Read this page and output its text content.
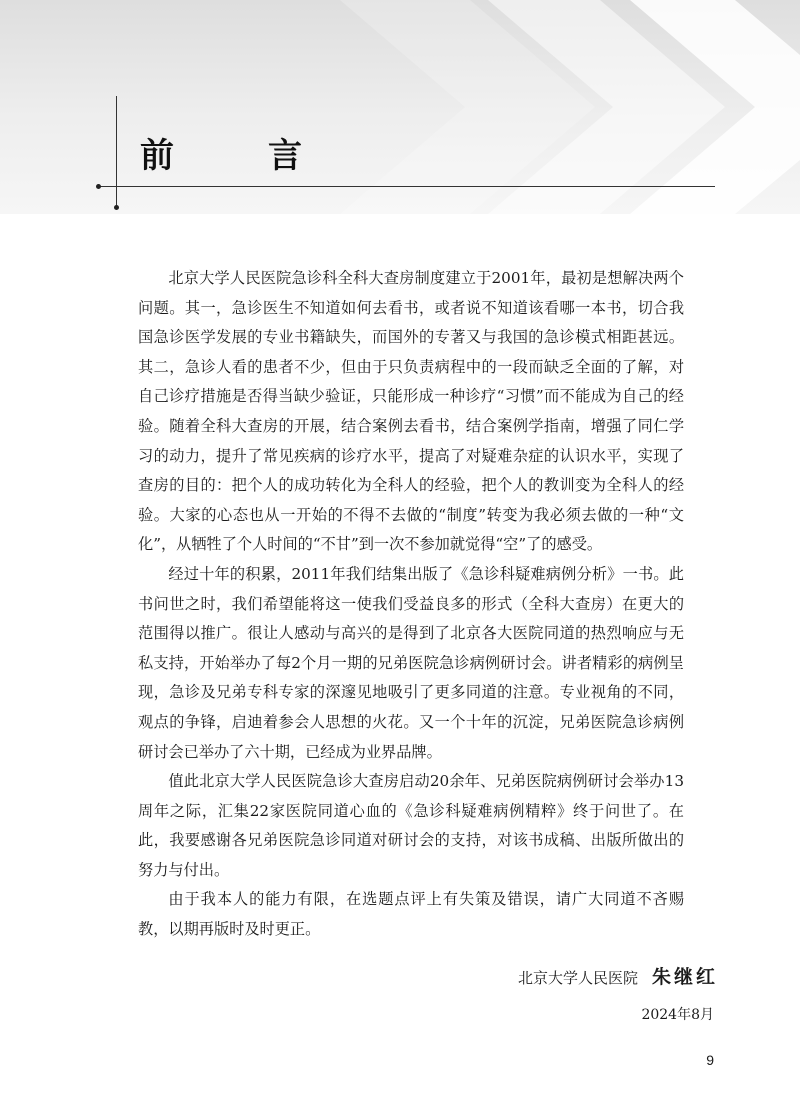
前　言

北京大学人民医院急诊科全科大查房制度建立于2001年，最初是想解决两个问题。其一，急诊医生不知道如何去看书，或者说不知道该看哪一本书，切合我国急诊医学发展的专业书籍缺失，而国外的专著又与我国的急诊模式相距甚远。其二，急诊人看的患者不少，但由于只负责病程中的一段而缺乏全面的了解，对自己诊疗措施是否得当缺少验证，只能形成一种诊疗“习惯”而不能成为自己的经验。随着全科大查房的开展，结合案例去看书，结合案例学指南，增强了同仁学习的动力，提升了常见疾病的诊疗水平，提高了对疑难杂症的认识水平，实现了查房的目的：把个人的成功转化为全科人的经验，把个人的教训变为全科人的经验。大家的心态也从一开始的不得不去做的“制度”转变为我必须去做的一种“文化”，从牺牲了个人时间的“不甘”到一次不参加就觉得“空”了的感受。

经过十年的积累，2011年我们结集出版了《急诊科疑难病例分析》一书。此书问世之时，我们希望能将这一使我们受益良多的形式（全科大查房）在更大的范围得以推广。很让人感动与高兴的是得到了北京各大医院同道的热烈响应与无私支持，开始举办了每2个月一期的兄弟医院急诊病例研讨会。讲者精彩的病例呈现，急诊及兄弟专科专家的深邃见地吸引了更多同道的注意。专业视角的不同，观点的争锋，启迪着参会人思想的火花。又一个十年的沉淀，兄弟医院急诊病例研讨会已举办了六十期，已经成为业界品牌。

值此北京大学人民医院急诊大查房启动20余年、兄弟医院病例研讨会举办13周年之际，汇集22家医院同道心血的《急诊科疑难病例精粹》终于问世了。在此，我要感谢各兄弟医院急诊同道对研讨会的支持，对该书成稿、出版所做出的努力与付出。

由于我本人的能力有限，在选题点评上有失策及错误，请广大同道不吝赐教，以期再版时及时更正。

北京大学人民医院 朱继红
2024年8月
9
